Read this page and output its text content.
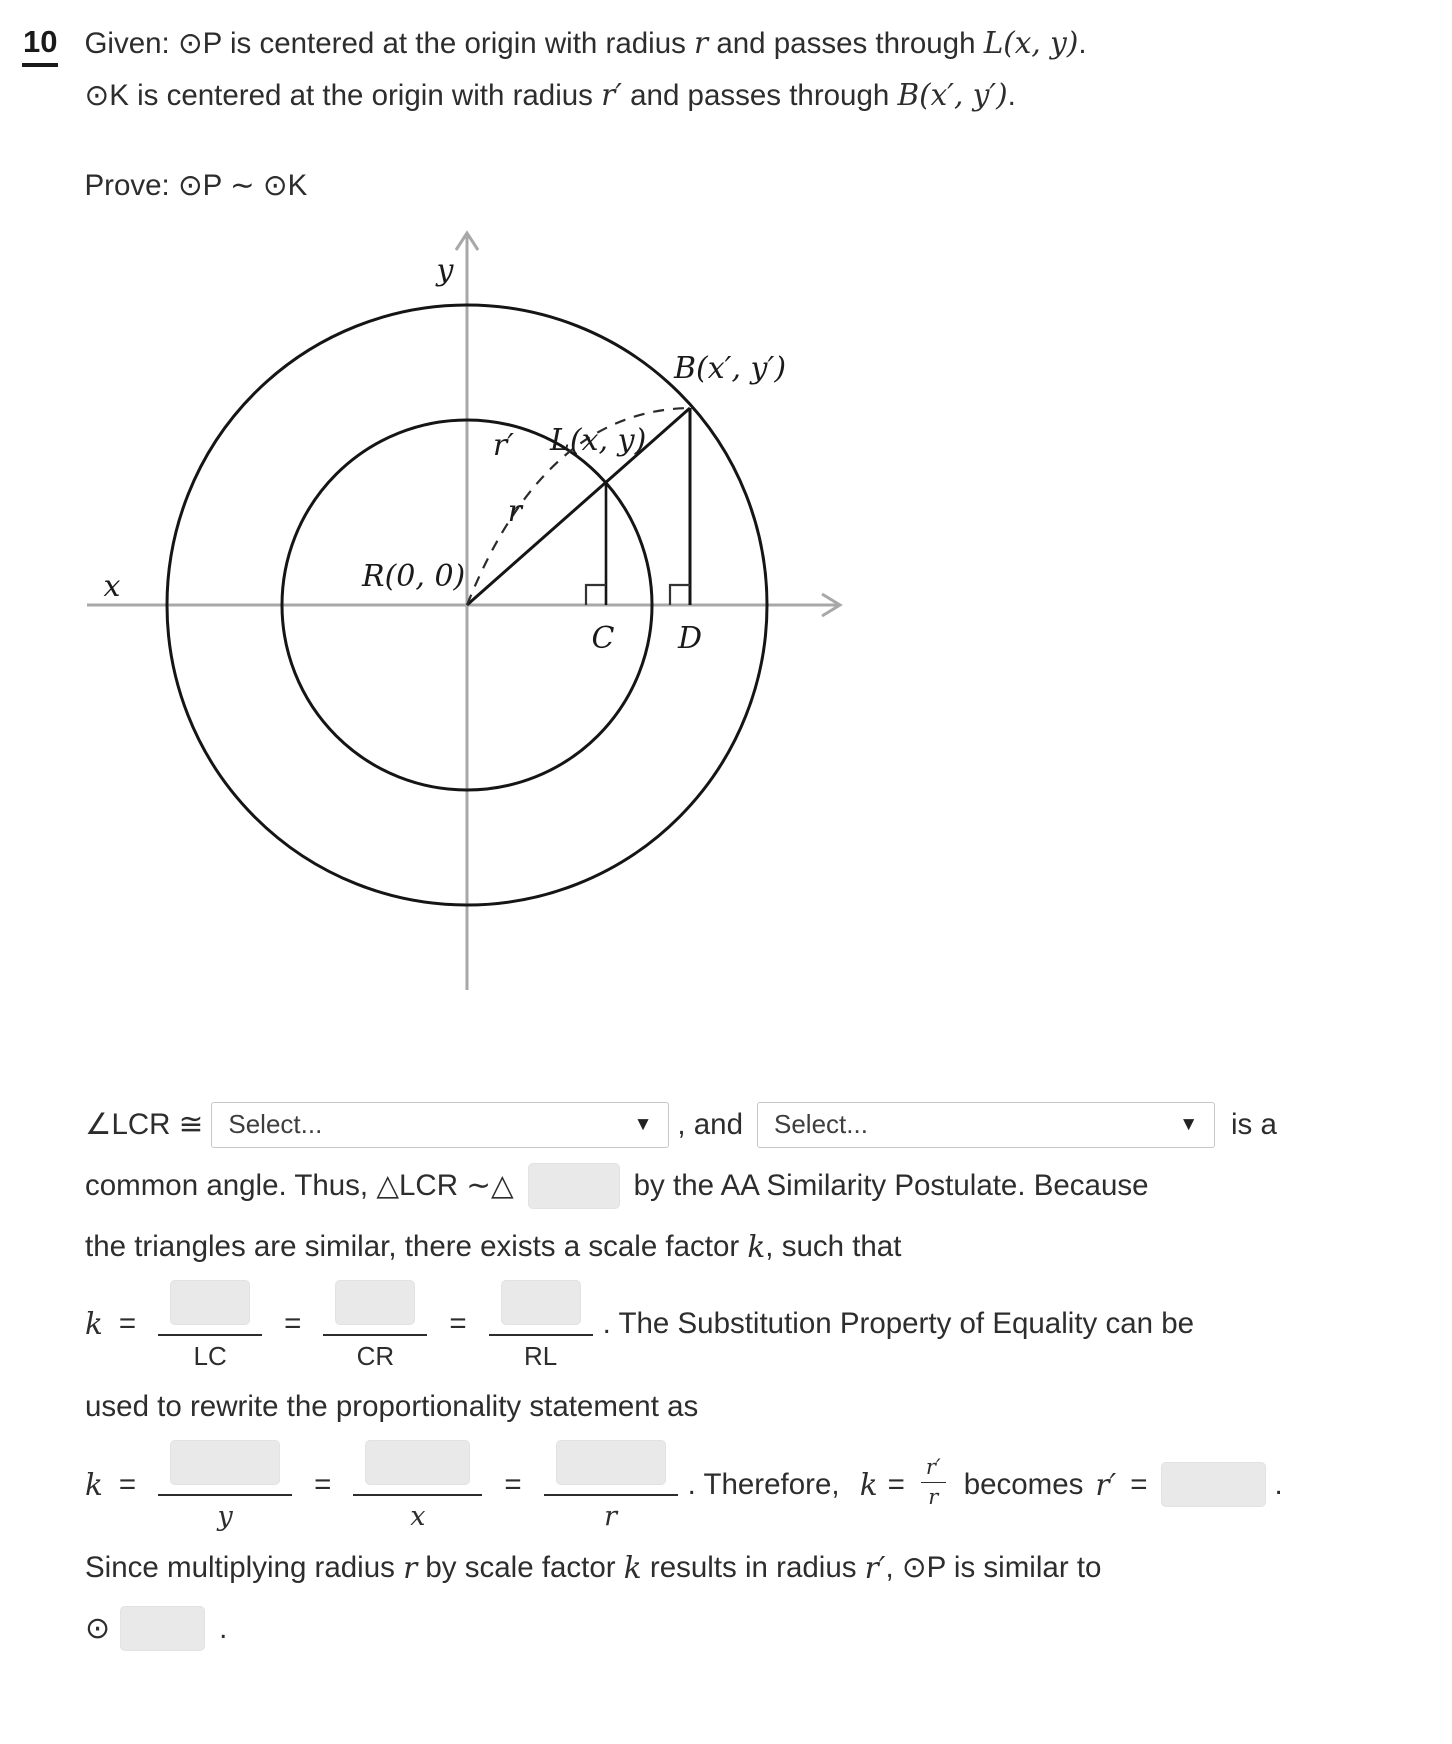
10 Given: ⊙P is centered at the origin with radius r and passes through L(x, y).
⊙K is centered at the origin with radius r′ and passes through B(x′, y′).
Prove: ⊙P ∼ ⊙K
y
x
B(x′, y′)
L(x, y)
r′
r
R(0, 0)
C D
∠LCR ≅ Select...	▼ , and Select...	▼ is a
common angle. Thus, △LCR ∼△	by the AA Similarity Postulate. Because
the triangles are similar, there exists a scale factor k , such that
k =
LC
=
CR
=
RL
. The Substitution Property of Equality can be
used to rewrite the proportionality statement as
k =
y
=
x
=
r
. Therefore, $k = \frac{r'}{r}$ becomes r′ =	.
Since multiplying radius r by scale factor k results in radius r′ , ⊙P is similar to
⊙	.
